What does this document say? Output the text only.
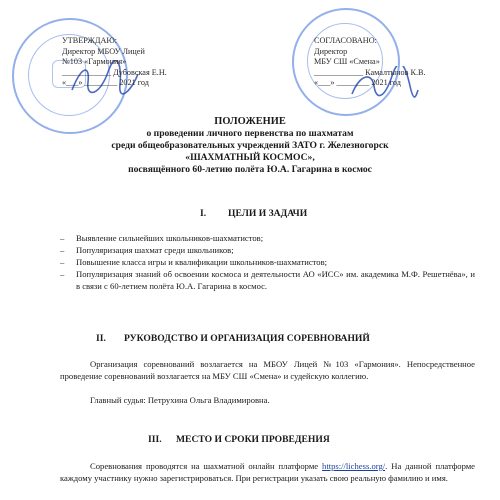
УТВЕРЖДАЮ:
Директор МБОУ Лицей
№103 «Гармония»
____________ Дубовская Е.Н.
«___» ________ 2021 год
СОГЛАСОВАНО:
Директор
МБУ СШ «Смена»
____________ Камалтынов К.В.
«___» ________ 2021 год
ПОЛОЖЕНИЕ
о проведении личного первенства по шахматам
среди общеобразовательных учреждений ЗАТО г. Железногорск
«ШАХМАТНЫЙ КОСМОС»,
посвящённого 60-летию полёта Ю.А. Гагарина в космос
I. ЦЕЛИ И ЗАДАЧИ
– Выявление сильнейших школьников-шахматистов;
– Популяризация шахмат среди школьников;
– Повышение класса игры и квалификации школьников-шахматистов;
– Популяризация знаний об освоении космоса и деятельности АО «ИСС» им. академика М.Ф. Решетнёва», и в связи с 60-летием полёта Ю.А. Гагарина в космос.
II. РУКОВОДСТВО И ОРГАНИЗАЦИЯ СОРЕВНОВАНИЙ
Организация соревнований возлагается на МБОУ Лицей №103 «Гармония». Непосредственное проведение соревнований возлагается на МБУ СШ «Смена» и судейскую коллегию.
Главный судья: Петрухина Ольга Владимировна.
III. МЕСТО И СРОКИ ПРОВЕДЕНИЯ
Соревнования проводятся на шахматной онлайн платформе https://lichess.org/. На данной платформе каждому участнику нужно зарегистрироваться. При регистрации указать свою реальную фамилию и имя.
